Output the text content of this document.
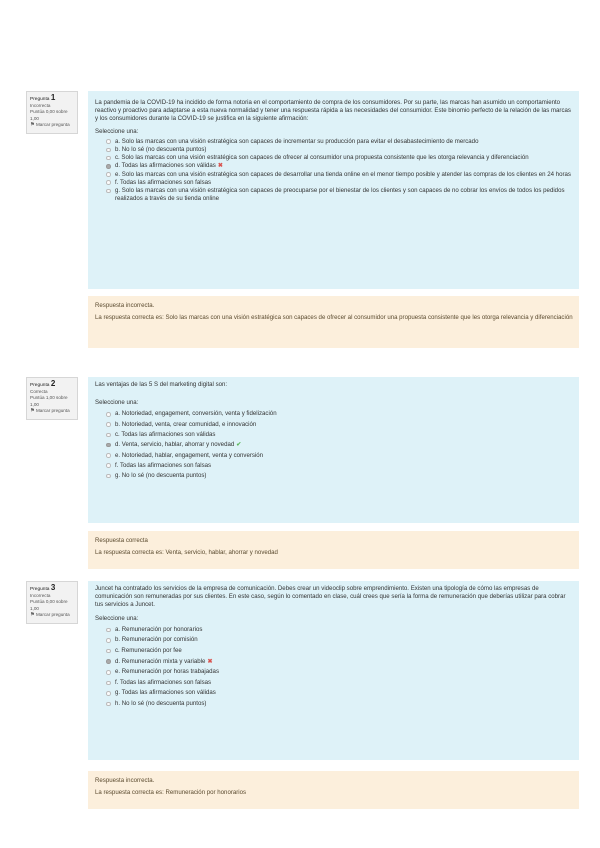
Pregunta 1
Incorrecta
Puntúa 0,00 sobre 1,00
⚑Marcar pregunta
La pandemia de la COVID-19 ha incidido de forma notoria en el comportamiento de compra de los consumidores. Por su parte, las marcas han asumido un comportamiento reactivo y proactivo para adaptarse a esta nueva normalidad y tener una respuesta rápida a las necesidades del consumidor. Este binomio perfecto de la relación de las marcas y los consumidores durante la COVID-19 se justifica en la siguiente afirmación:
Seleccione una:
a. Solo las marcas con una visión estratégica son capaces de incrementar su producción para evitar el desabastecimiento de mercado
b. No lo sé (no descuenta puntos)
c. Solo las marcas con una visión estratégica son capaces de ofrecer al consumidor una propuesta consistente que les otorga relevancia y diferenciación
d. Todas las afirmaciones son válidas ✖
e. Solo las marcas con una visión estratégica son capaces de desarrollar una tienda online en el menor tiempo posible y atender las compras de los clientes en 24 horas
f. Todas las afirmaciones son falsas
g. Solo las marcas con una visión estratégica son capaces de preocuparse por el bienestar de los clientes y son capaces de no cobrar los envíos de todos los pedidos realizados a través de su tienda online
Respuesta incorrecta.
La respuesta correcta es: Solo las marcas con una visión estratégica son capaces de ofrecer al consumidor una propuesta consistente que les otorga relevancia y diferenciación
Pregunta 2
Correcta
Puntúa 1,00 sobre 1,00
⚑Marcar pregunta
Las ventajas de las 5 S del marketing digital son:
Seleccione una:
a. Notoriedad, engagement, conversión, venta y fidelización
b. Notoriedad, venta, crear comunidad, e innovación
c. Todas las afirmaciones son válidas
d. Venta, servicio, hablar, ahorrar y novedad ✔
e. Notoriedad, hablar, engagement, venta y conversión
f. Todas las afirmaciones son falsas
g. No lo sé (no descuenta puntos)
Respuesta correcta
La respuesta correcta es: Venta, servicio, hablar, ahorrar y novedad
Pregunta 3
Incorrecta
Puntúa 0,00 sobre 1,00
⚑Marcar pregunta
Juncet ha contratado los servicios de la empresa de comunicación. Debes crear un videoclip sobre emprendimiento. Existen una tipología de cómo las empresas de comunicación son remuneradas por sus clientes. En este caso, según lo comentado en clase, cuál crees que sería la forma de remuneración que deberías utilizar para cobrar tus servicios a Juncet.
Seleccione una:
a. Remuneración por honorarios
b. Remuneración por comisión
c. Remuneración por fee
d. Remuneración mixta y variable ✖
e. Remuneración por horas trabajadas
f. Todas las afirmaciones son falsas
g. Todas las afirmaciones son válidas
h. No lo sé (no descuenta puntos)
Respuesta incorrecta.
La respuesta correcta es: Remuneración por honorarios
